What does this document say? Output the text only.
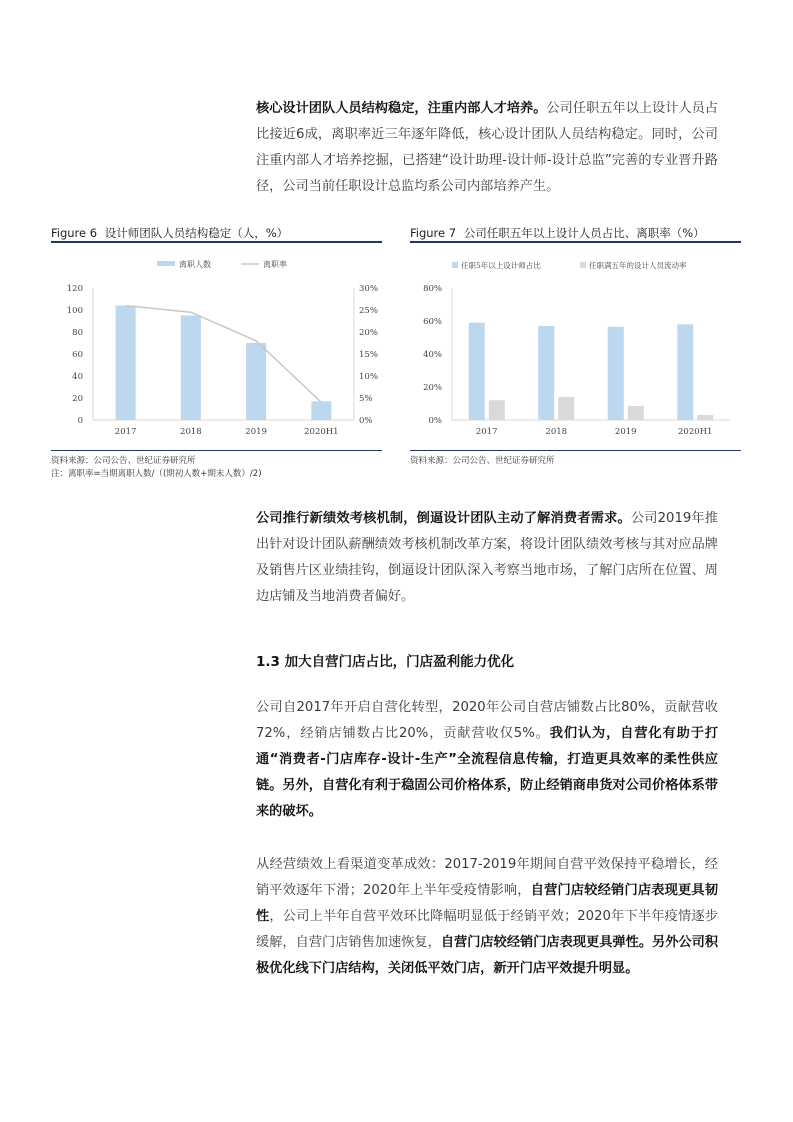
核心设计团队人员结构稳定，注重内部人才培养。公司任职五年以上设计人员占比接近6成，离职率近三年逐年降低，核心设计团队人员结构稳定。同时，公司注重内部人才培养挖掘，已搭建“设计助理-设计师-设计总监”完善的专业晋升路径，公司当前任职设计总监均系公司内部培养产生。
Figure 6 设计师团队人员结构稳定（人，%）
0
20
40
60
80
100
120
0%
5%
10%
15%
20%
25%
30%
2017	2018	2019	2020H1
离职人数	离职率
资料来源：公司公告、世纪证券研究所
注：离职率=当期离职人数/（(期初人数+期末人数）/2)
Figure 7 公司任职五年以上设计人员占比、离职率（%）
0%
20%
40%
60%
80%
2017	2018	2019	2020H1
任职5年以上设计师占比	任职满五年的设计人员流动率
资料来源：公司公告、世纪证券研究所
公司推行新绩效考核机制，倒逼设计团队主动了解消费者需求。公司2019年推出针对设计团队薪酬绩效考核机制改革方案，将设计团队绩效考核与其对应品牌及销售片区业绩挂钩，倒逼设计团队深入考察当地市场，了解门店所在位置、周边店铺及当地消费者偏好。
1.3 加大自营门店占比，门店盈利能力优化
公司自2017年开启自营化转型，2020年公司自营店铺数占比80%，贡献营收72%，经销店铺数占比20%，贡献营收仅5%。我们认为，自营化有助于打通“消费者-门店库存-设计-生产”全流程信息传输，打造更具效率的柔性供应链。另外，自营化有利于稳固公司价格体系，防止经销商串货对公司价格体系带来的破坏。
从经营绩效上看渠道变革成效：2017-2019年期间自营平效保持平稳增长，经销平效逐年下滑；2020年上半年受疫情影响，自营门店较经销门店表现更具韧性，公司上半年自营平效环比降幅明显低于经销平效；2020年下半年疫情逐步缓解，自营门店销售加速恢复，自营门店较经销门店表现更具弹性。另外公司积极优化线下门店结构，关闭低平效门店，新开门店平效提升明显。
